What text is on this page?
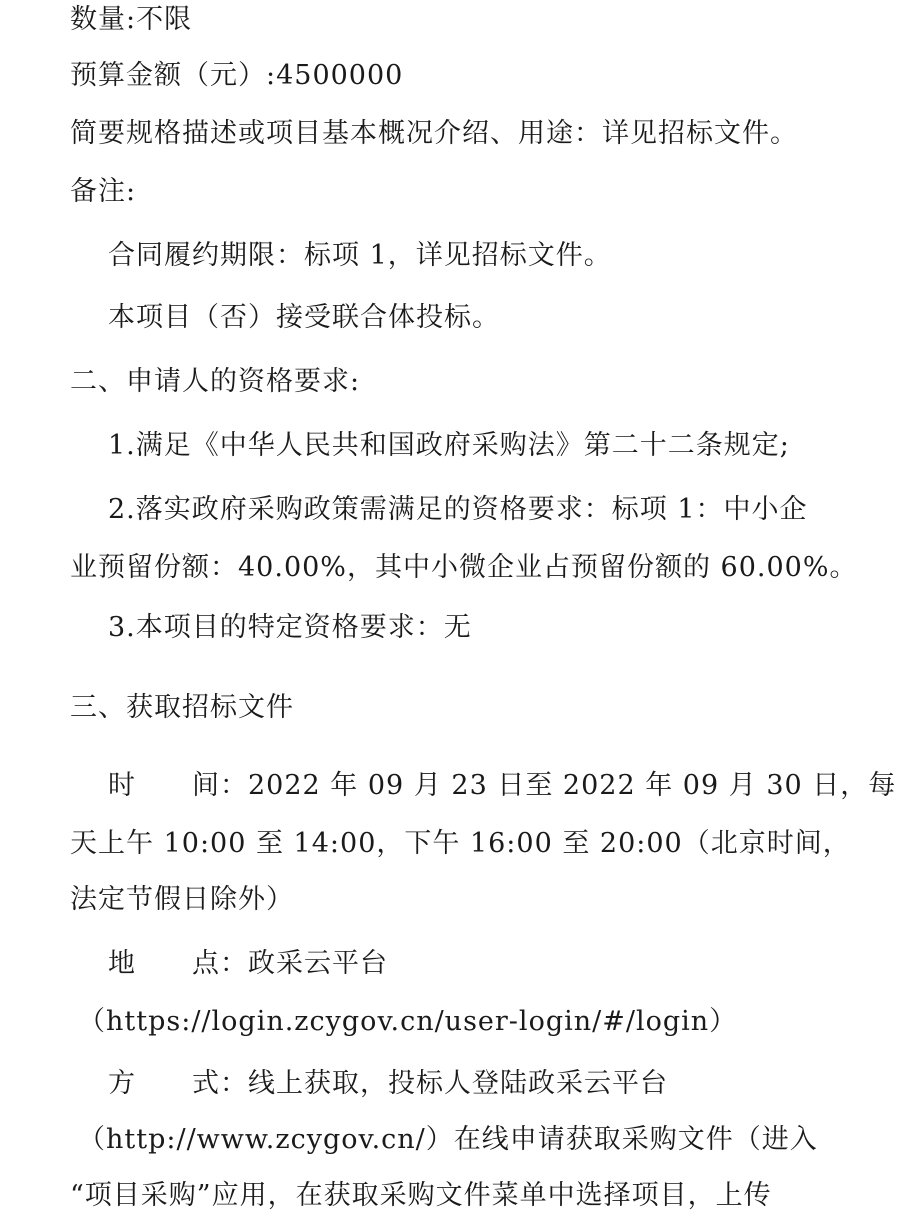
数量:不限
预算金额（元）:4500000
简要规格描述或项目基本概况介绍、用途：详见招标文件。
备注:
合同履约期限：标项 1，详见招标文件。
本项目（否）接受联合体投标。
二、申请人的资格要求:
1.满足《中华人民共和国政府采购法》第二十二条规定;
2.落实政府采购政策需满足的资格要求：标项 1：中小企
业预留份额：40.00%，其中小微企业占预留份额的 60.00%。
3.本项目的特定资格要求：无
三、获取招标文件
时　　间：2022 年 09 月 23 日至 2022 年 09 月 30 日，每
天上午 10:00 至 14:00，下午 16:00 至 20:00（北京时间，
法定节假日除外）
地　　点：政采云平台
（https://login.zcygov.cn/user-login/#/login）
方　　式：线上获取，投标人登陆政采云平台
（http://www.zcygov.cn/）在线申请获取采购文件（进入
“项目采购”应用，在获取采购文件菜单中选择项目，上传
